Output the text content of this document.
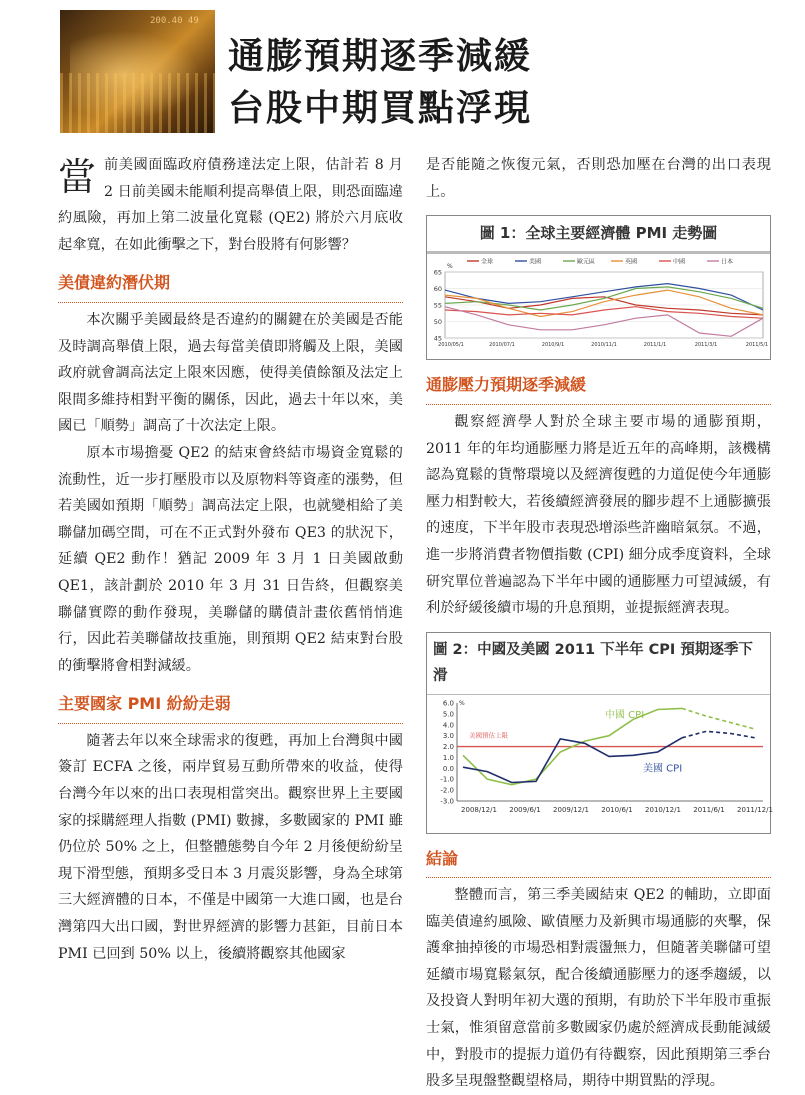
200.40 49
通膨預期逐季減緩
台股中期買點浮現

當 前美國面臨政府債務達法定上限，估計若 8 月 2 日前美國未能順利提高舉債上限，則恐面臨違約風險，再加上第二波量化寬鬆 (QE2) 將於六月底收起傘寬，在如此衝擊之下，對台股將有何影響？

美債違約潛伏期

本次關乎美國最終是否違約的關鍵在於美國是否能及時調高舉債上限，過去每當美債即將觸及上限，美國政府就會調高法定上限來因應，使得美債餘額及法定上限間多維持相對平衡的關係，因此，過去十年以來，美國已「順勢」調高了十次法定上限。

原本市場擔憂 QE2 的結束會終結市場資金寬鬆的流動性，近一步打壓股市以及原物料等資產的漲勢，但若美國如預期「順勢」調高法定上限，也就變相給了美聯儲加碼空間，可在不正式對外發布 QE3 的狀況下，延續 QE2 動作！猶記 2009 年 3 月 1 日美國啟動 QE1，該計劃於 2010 年 3 月 31 日告終，但觀察美聯儲實際的動作發現，美聯儲的購債計畫依舊悄悄進行，因此若美聯儲故技重施，則預期 QE2 結束對台股的衝擊將會相對減緩。

主要國家 PMI 紛紛走弱

隨著去年以來全球需求的復甦，再加上台灣與中國簽訂 ECFA 之後，兩岸貿易互動所帶來的收益，使得台灣今年以來的出口表現相當突出。觀察世界上主要國家的採購經理人指數 (PMI) 數據，多數國家的 PMI 雖仍位於 50% 之上，但整體態勢自今年 2 月後便紛紛呈現下滑型態，預期多受日本 3 月震災影響，身為全球第三大經濟體的日本，不僅是中國第一大進口國，也是台灣第四大出口國，對世界經濟的影響力甚鉅，目前日本 PMI 已回到 50% 以上，後續將觀察其他國家

是否能隨之恢復元氣，否則恐加壓在台灣的出口表現上。

圖 1：全球主要經濟體 PMI 走勢圖
45
50
55
60
65
%
2010/05/1	2010/07/1	2010/9/1	2010/11/1	2011/1/1	2011/3/1	2011/5/1
全球	美國	歐元區	英國	中國	日本
通膨壓力預期逐季減緩

觀察經濟學人對於全球主要市場的通膨預期，2011 年的年均通膨壓力將是近五年的高峰期，該機構認為寬鬆的貨幣環境以及經濟復甦的力道促使今年通膨壓力相對較大，若後續經濟發展的腳步趕不上通膨擴張的速度，下半年股市表現恐增添些許幽暗氣氛。不過，進一步將消費者物價指數 (CPI) 細分成季度資料，全球研究單位普遍認為下半年中國的通膨壓力可望減緩，有利於紓緩後續市場的升息預期，並提振經濟表現。

圖 2：中國及美國 2011 下半年 CPI 預期逐季下滑
6.0
5.0
4.0
3.0
2.0
1.0
0.0
-1.0
-2.0
-3.0
%
2008/12/1 2009/6/1 2009/12/1 2010/6/1 2010/12/1 2011/6/1 2011/12/1
美國預估上限
中國 CPI
美國 CPI
結論

整體而言，第三季美國結束 QE2 的輔助，立即面臨美債違約風險、歐債壓力及新興市場通膨的夾擊，保護傘抽掉後的市場恐相對震盪無力，但隨著美聯儲可望延續市場寬鬆氣氛，配合後續通膨壓力的逐季趨緩，以及投資人對明年初大選的預期，有助於下半年股市重振士氣，惟須留意當前多數國家仍處於經濟成長動能減緩中，對股市的提振力道仍有待觀察，因此預期第三季台股多呈現盤整觀望格局，期待中期買點的浮現。
